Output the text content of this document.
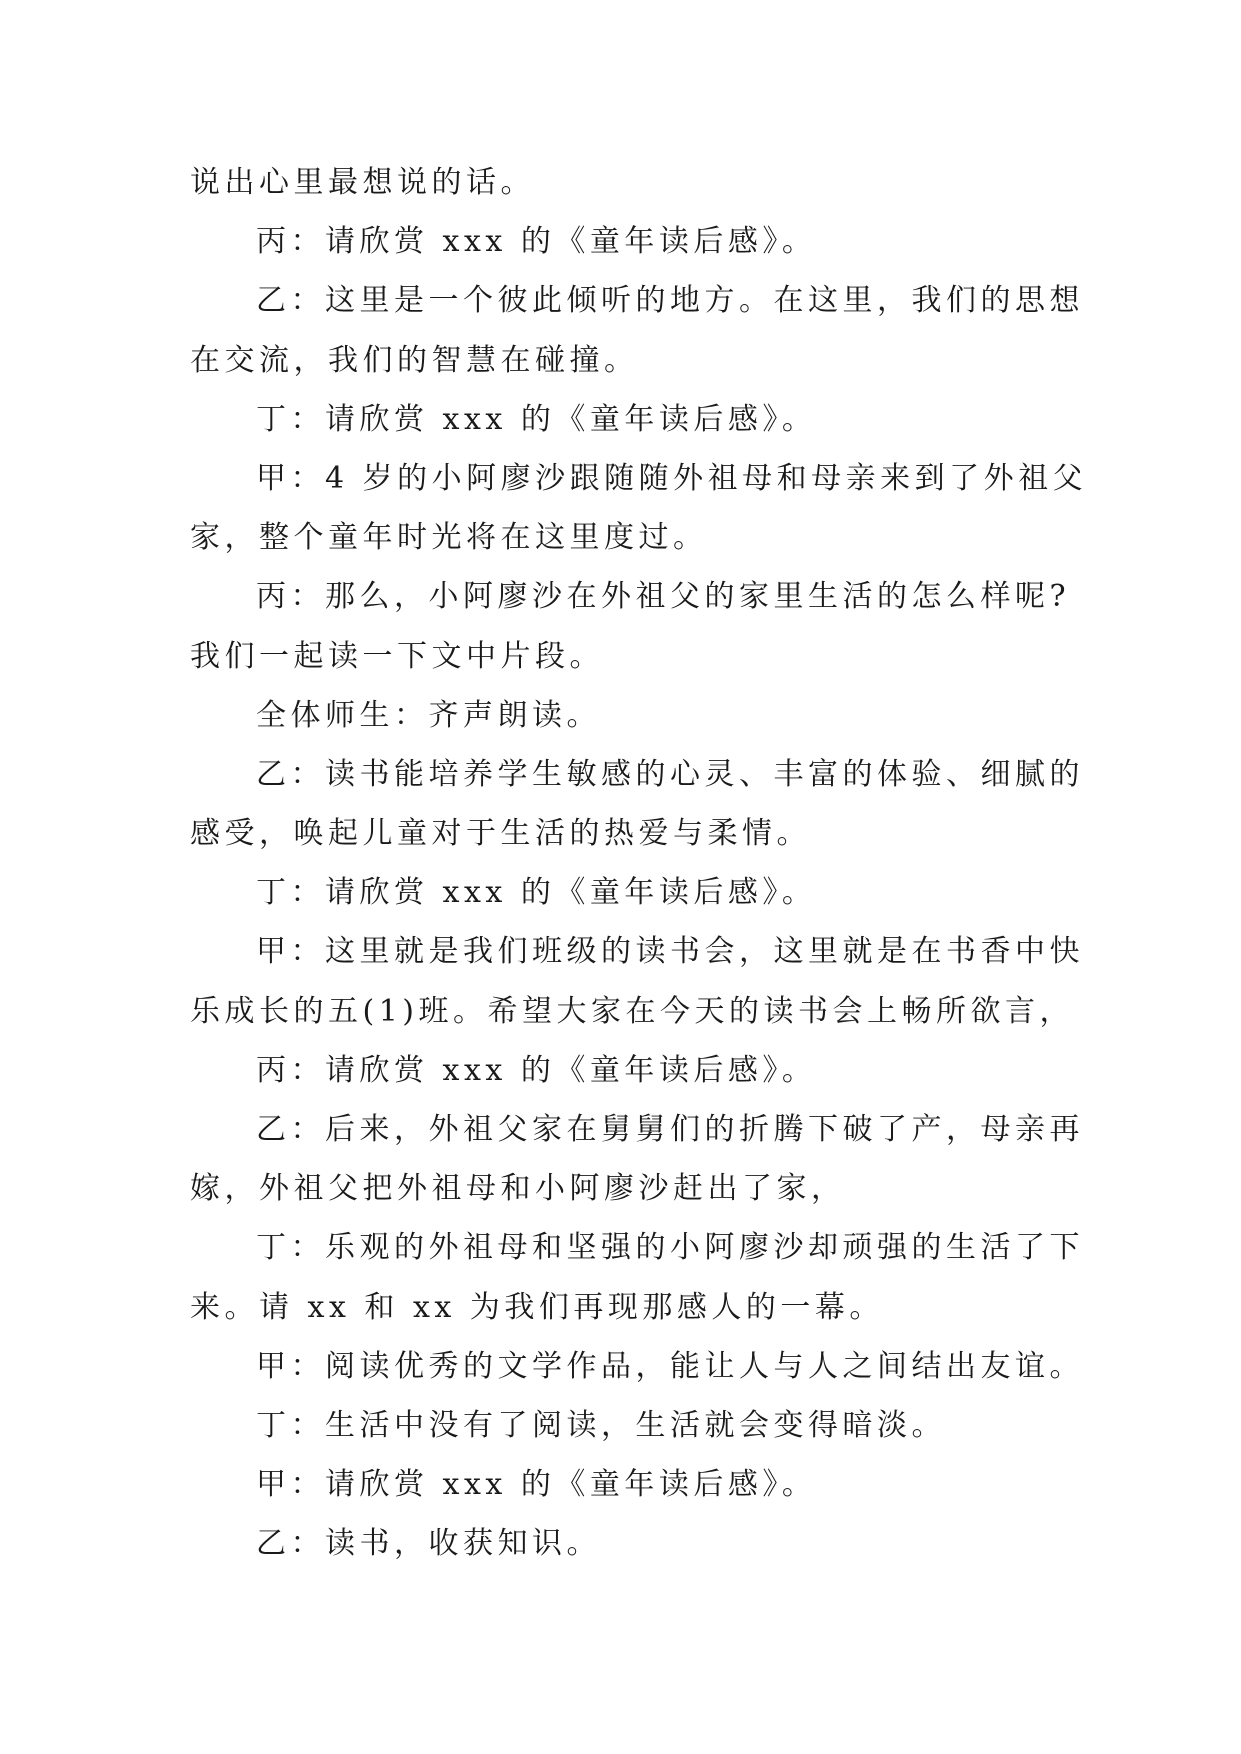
说出心里最想说的话。
丙：请欣赏 xxx 的《童年读后感》。
乙：这里是一个彼此倾听的地方。在这里，我们的思想
在交流，我们的智慧在碰撞。
丁：请欣赏 xxx 的《童年读后感》。
甲：4 岁的小阿廖沙跟随随外祖母和母亲来到了外祖父
家，整个童年时光将在这里度过。
丙：那么，小阿廖沙在外祖父的家里生活的怎么样呢?
我们一起读一下文中片段。
全体师生：齐声朗读。
乙：读书能培养学生敏感的心灵、丰富的体验、细腻的
感受，唤起儿童对于生活的热爱与柔情。
丁：请欣赏 xxx 的《童年读后感》。
甲：这里就是我们班级的读书会，这里就是在书香中快
乐成长的五(1)班。希望大家在今天的读书会上畅所欲言，
丙：请欣赏 xxx 的《童年读后感》。
乙：后来，外祖父家在舅舅们的折腾下破了产，母亲再
嫁，外祖父把外祖母和小阿廖沙赶出了家，
丁：乐观的外祖母和坚强的小阿廖沙却顽强的生活了下
来。请 xx 和 xx 为我们再现那感人的一幕。
甲：阅读优秀的文学作品，能让人与人之间结出友谊。
丁：生活中没有了阅读，生活就会变得暗淡。
甲：请欣赏 xxx 的《童年读后感》。
乙：读书，收获知识。
